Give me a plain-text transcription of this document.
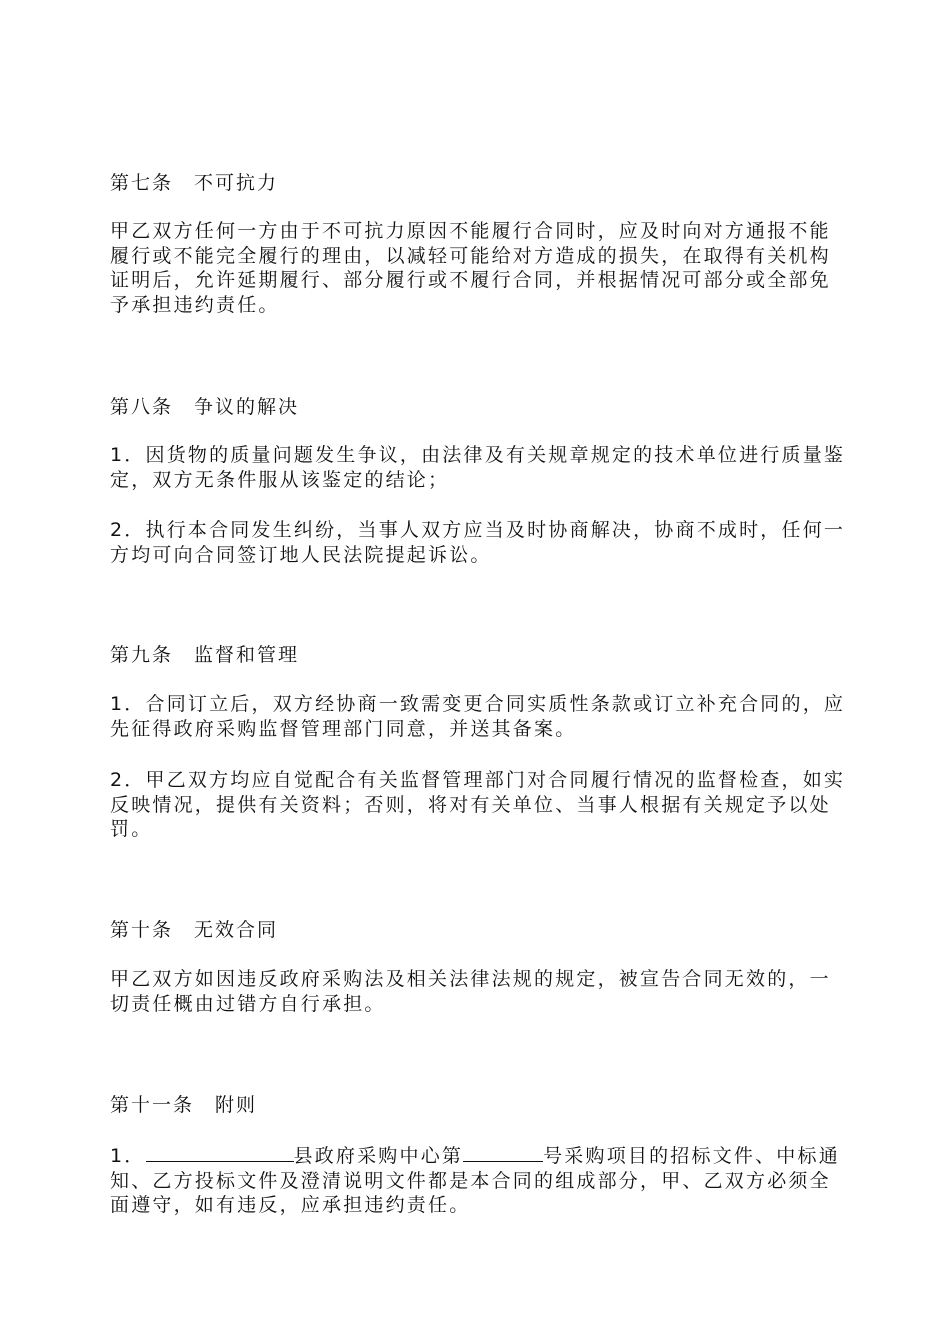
第七条　不可抗力
甲乙双方任何一方由于不可抗力原因不能履行合同时，应及时向对方通报不能履行或不能完全履行的理由，以减轻可能给对方造成的损失，在取得有关机构证明后，允许延期履行、部分履行或不履行合同，并根据情况可部分或全部免予承担违约责任。
第八条　争议的解决
1．因货物的质量问题发生争议，由法律及有关规章规定的技术单位进行质量鉴定，双方无条件服从该鉴定的结论；
2．执行本合同发生纠纷，当事人双方应当及时协商解决，协商不成时，任何一方均可向合同签订地人民法院提起诉讼。
第九条　监督和管理
1．合同订立后，双方经协商一致需变更合同实质性条款或订立补充合同的，应先征得政府采购监督管理部门同意，并送其备案。
2．甲乙双方均应自觉配合有关监督管理部门对合同履行情况的监督检查，如实反映情况，提供有关资料；否则，将对有关单位、当事人根据有关规定予以处罚。
第十条　无效合同
甲乙双方如因违反政府采购法及相关法律法规的规定，被宣告合同无效的，一切责任概由过错方自行承担。
第十一条　附则
1．	县政府采购中心第	号采购项目的招标文件、中标通知、乙方投标文件及澄清说明文件都是本合同的组成部分，甲、乙双方必须全面遵守，如有违反，应承担违约责任。
